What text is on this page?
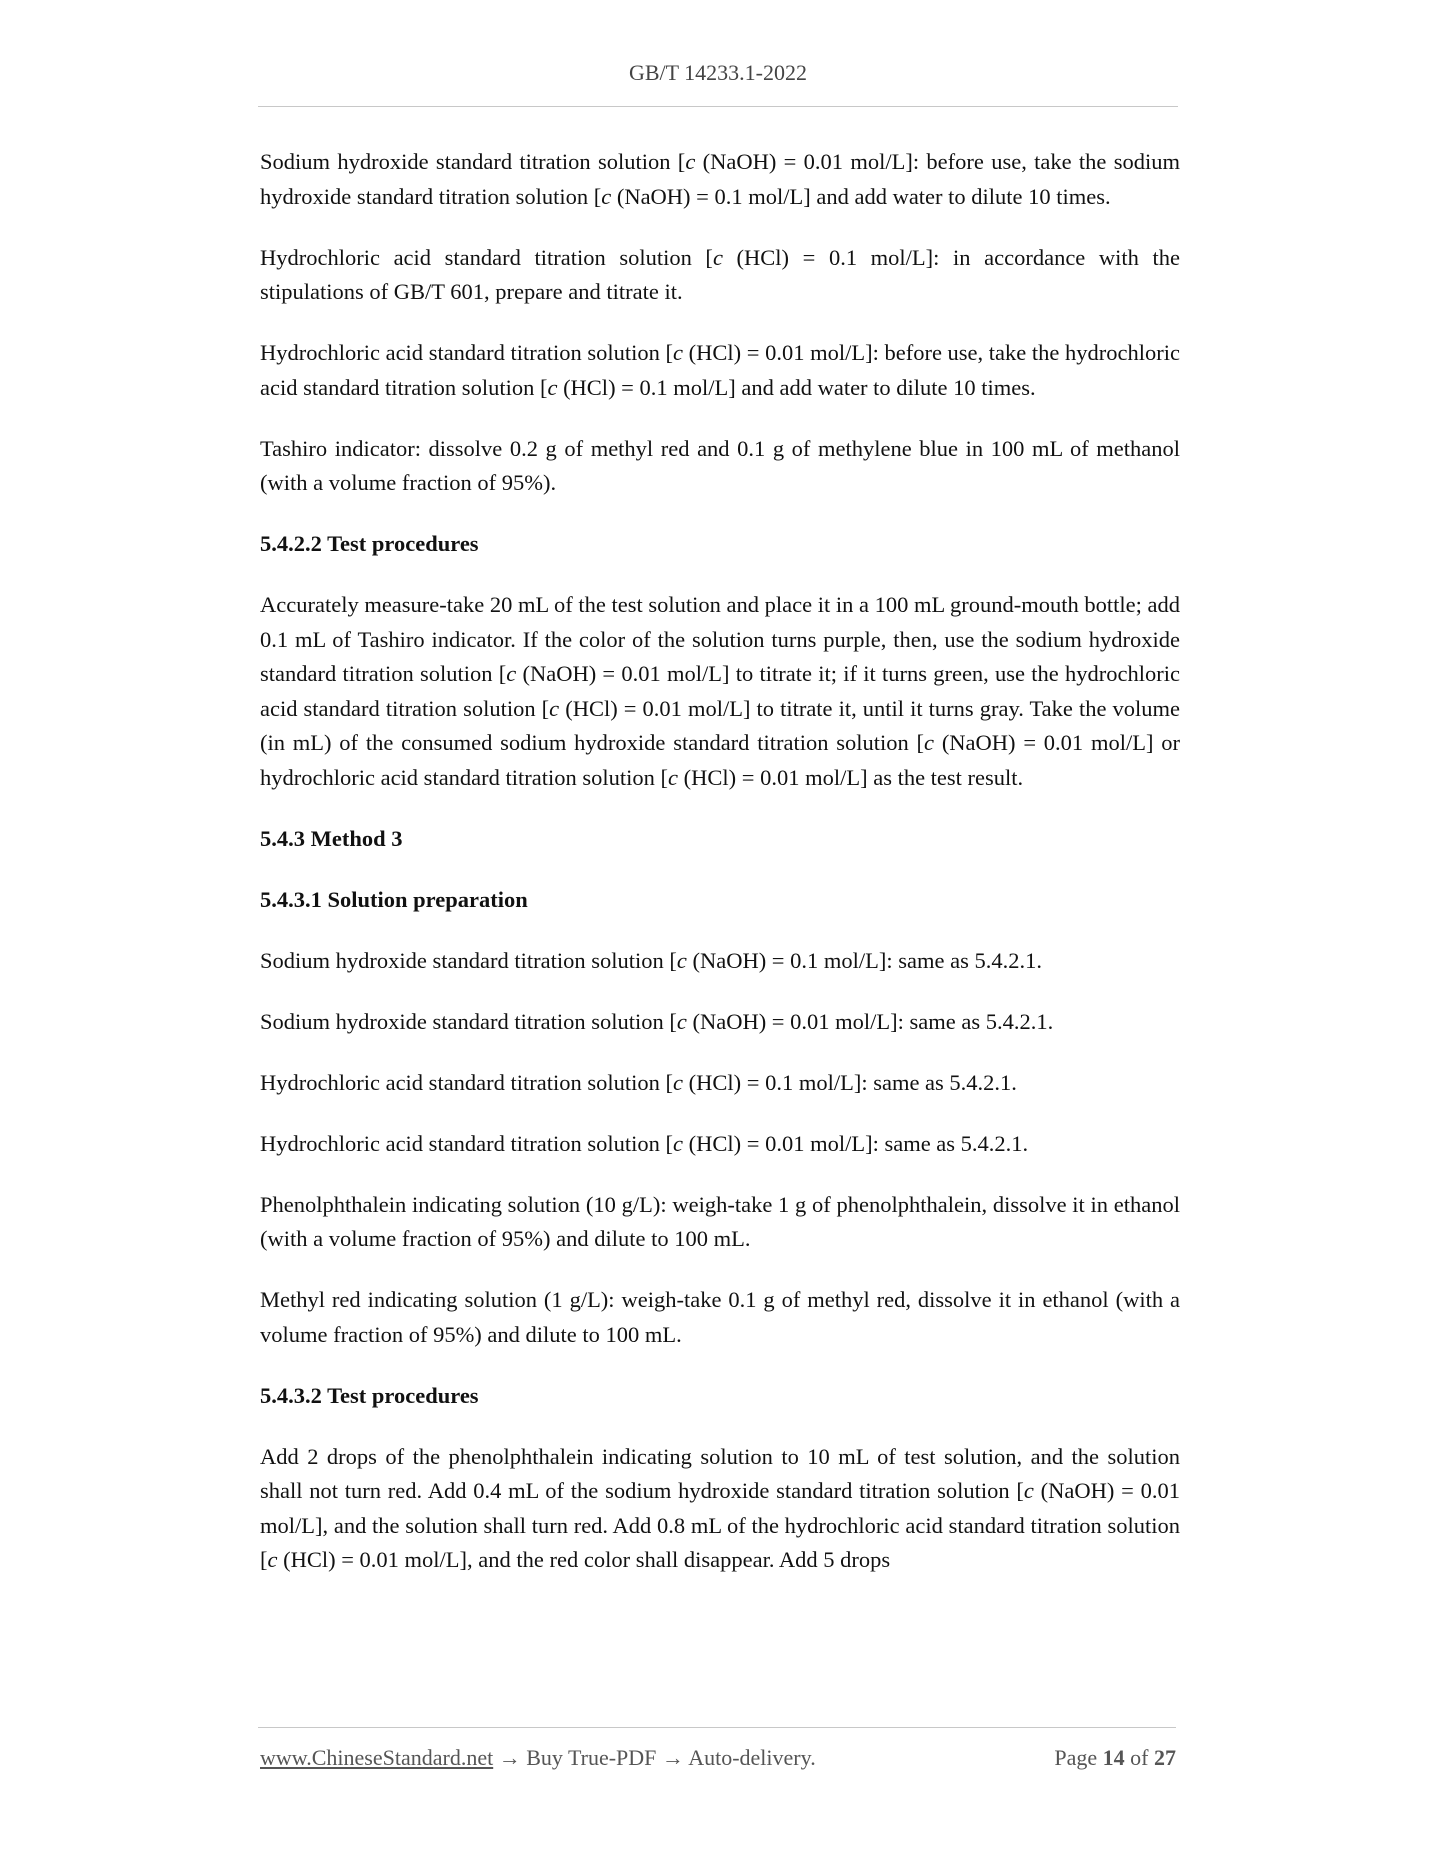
GB/T 14233.1-2022

Sodium hydroxide standard titration solution [c (NaOH) = 0.01 mol/L]: before use, take the sodium hydroxide standard titration solution [c (NaOH) = 0.1 mol/L] and add water to dilute 10 times.

Hydrochloric acid standard titration solution [c (HCl) = 0.1 mol/L]: in accordance with the stipulations of GB/T 601, prepare and titrate it.

Hydrochloric acid standard titration solution [c (HCl) = 0.01 mol/L]: before use, take the hydrochloric acid standard titration solution [c (HCl) = 0.1 mol/L] and add water to dilute 10 times.

Tashiro indicator: dissolve 0.2 g of methyl red and 0.1 g of methylene blue in 100 mL of methanol (with a volume fraction of 95%).

5.4.2.2 Test procedures

Accurately measure-take 20 mL of the test solution and place it in a 100 mL ground-mouth bottle; add 0.1 mL of Tashiro indicator. If the color of the solution turns purple, then, use the sodium hydroxide standard titration solution [c (NaOH) = 0.01 mol/L] to titrate it; if it turns green, use the hydrochloric acid standard titration solution [c (HCl) = 0.01 mol/L] to titrate it, until it turns gray. Take the volume (in mL) of the consumed sodium hydroxide standard titration solution [c (NaOH) = 0.01 mol/L] or hydrochloric acid standard titration solution [c (HCl) = 0.01 mol/L] as the test result.

5.4.3 Method 3

5.4.3.1 Solution preparation

Sodium hydroxide standard titration solution [c (NaOH) = 0.1 mol/L]: same as 5.4.2.1.

Sodium hydroxide standard titration solution [c (NaOH) = 0.01 mol/L]: same as 5.4.2.1.

Hydrochloric acid standard titration solution [c (HCl) = 0.1 mol/L]: same as 5.4.2.1.

Hydrochloric acid standard titration solution [c (HCl) = 0.01 mol/L]: same as 5.4.2.1.

Phenolphthalein indicating solution (10 g/L): weigh-take 1 g of phenolphthalein, dissolve it in ethanol (with a volume fraction of 95%) and dilute to 100 mL.

Methyl red indicating solution (1 g/L): weigh-take 0.1 g of methyl red, dissolve it in ethanol (with a volume fraction of 95%) and dilute to 100 mL.

5.4.3.2 Test procedures

Add 2 drops of the phenolphthalein indicating solution to 10 mL of test solution, and the solution shall not turn red. Add 0.4 mL of the sodium hydroxide standard titration solution [c (NaOH) = 0.01 mol/L], and the solution shall turn red. Add 0.8 mL of the hydrochloric acid standard titration solution [c (HCl) = 0.01 mol/L], and the red color shall disappear. Add 5 drops

www.ChineseStandard.net → Buy True-PDF → Auto-delivery.	Page 14 of 27
